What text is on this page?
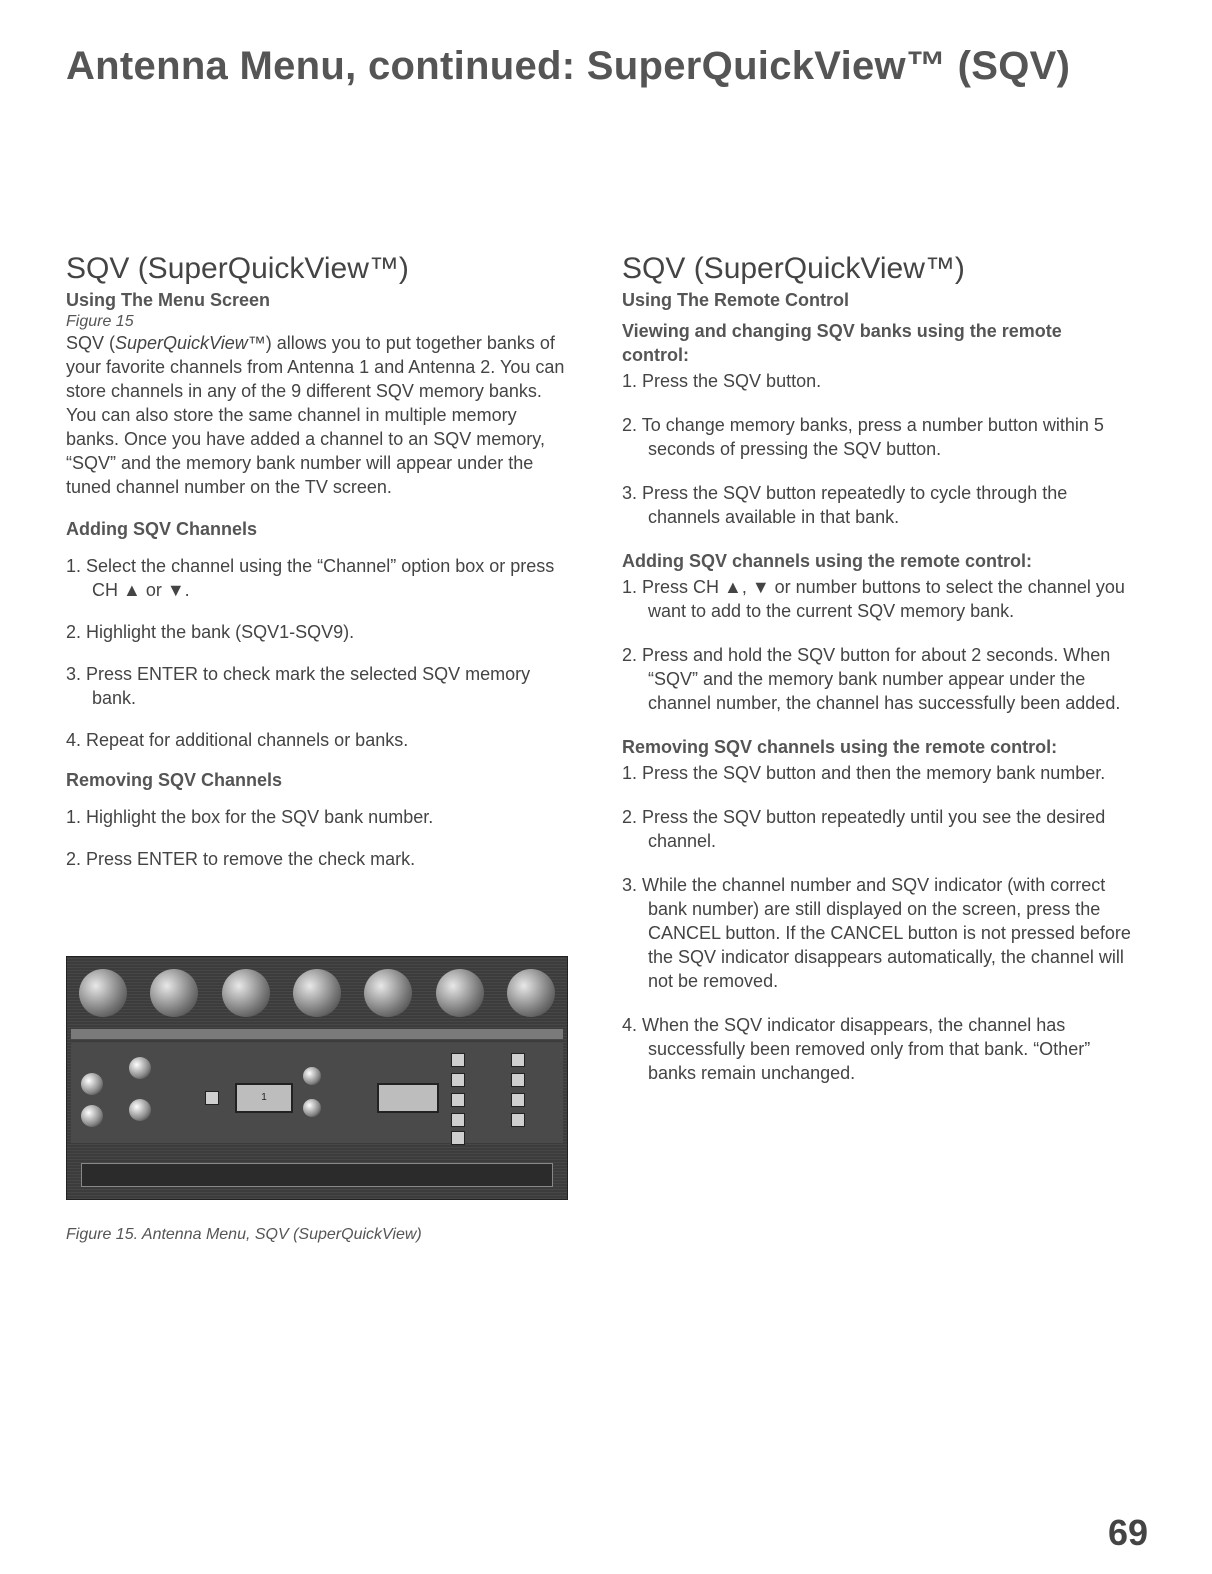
Antenna Menu, continued: SuperQuickView™ (SQV)
SQV (SuperQuickView™)

Using The Menu Screen

Figure 15

SQV (SuperQuickView™) allows you to put together banks of your favorite channels from Antenna 1 and Antenna 2. You can store channels in any of the 9 different SQV memory banks. You can also store the same channel in multiple memory banks. Once you have added a channel to an SQV memory, “SQV” and the memory bank number will appear under the tuned channel number on the TV screen.

Adding SQV Channels

1. Select the channel using the “Channel” option box or press CH ▲ or ▼.
2. Highlight the bank (SQV1-SQV9).
3. Press ENTER to check mark the selected SQV memory bank.
4. Repeat for additional channels or banks.

Removing SQV Channels

1. Highlight the box for the SQV bank number.
2. Press ENTER to remove the check mark.
1

Figure 15. Antenna Menu, SQV (SuperQuickView)

SQV (SuperQuickView™)

Using The Remote Control

Viewing and changing SQV banks using the remote control:

1. Press the SQV button.
2. To change memory banks, press a number button within 5 seconds of pressing the SQV button.
3. Press the SQV button repeatedly to cycle through the channels available in that bank.

Adding SQV channels using the remote control:

1. Press CH ▲, ▼ or number buttons to select the channel you want to add to the current SQV memory bank.
2. Press and hold the SQV button for about 2 seconds. When “SQV” and the memory bank number appear under the channel number, the channel has successfully been added.

Removing SQV channels using the remote control:

1. Press the SQV button and then the memory bank number.
2. Press the SQV button repeatedly until you see the desired channel.
3. While the channel number and SQV indicator (with correct bank number) are still displayed on the screen, press the CANCEL button. If the CANCEL button is not pressed before the SQV indicator disappears automatically, the channel will not be removed.
4. When the SQV indicator disappears, the channel has successfully been removed only from that bank. “Other” banks remain unchanged.

69
